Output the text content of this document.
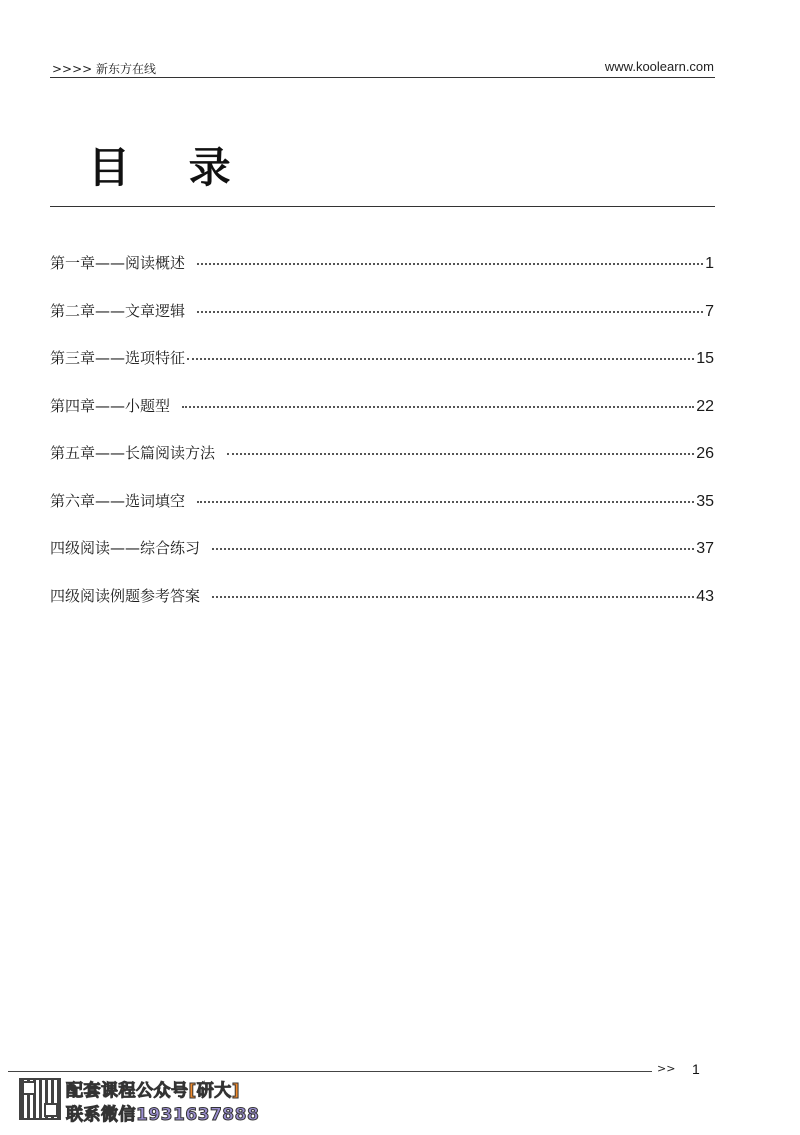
>>>> 新东方在线	www.koolearn.com
目 录
第一章——阅读概述	1
第二章——文章逻辑	7
第三章——选项特征	15
第四章——小题型	22
第五章——长篇阅读方法	26
第六章——选词填空	35
四级阅读——综合练习	37
四级阅读例题参考答案	43
>> 1
配套课程公众号[研大]
联系微信1931637888
